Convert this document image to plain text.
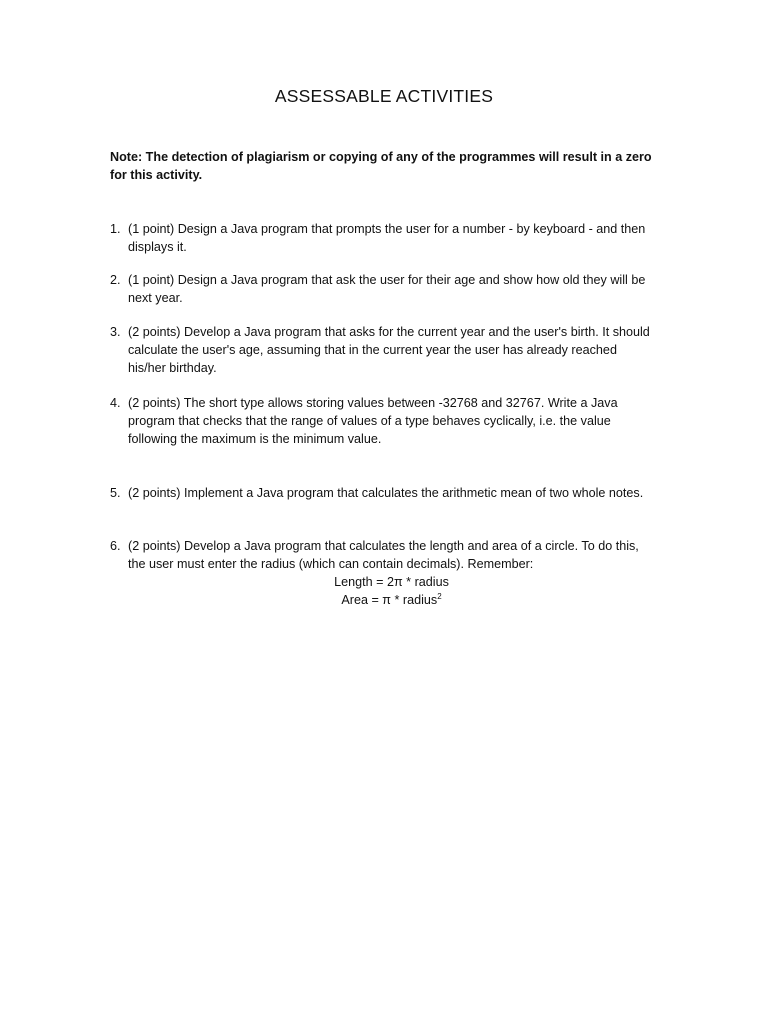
ASSESSABLE ACTIVITIES
Note: The detection of plagiarism or copying of any of the programmes will result in a zero for this activity.
1. (1 point) Design a Java program that prompts the user for a number - by keyboard - and then displays it.
2. (1 point) Design a Java program that ask the user for their age and show how old they will be next year.
3. (2 points) Develop a Java program that asks for the current year and the user's birth. It should calculate the user's age, assuming that in the current year the user has already reached his/her birthday.
4. (2 points) The short type allows storing values between -32768 and 32767. Write a Java program that checks that the range of values of a type behaves cyclically, i.e. the value following the maximum is the minimum value.
5. (2 points) Implement a Java program that calculates the arithmetic mean of two whole notes.
6. (2 points) Develop a Java program that calculates the length and area of a circle. To do this, the user must enter the radius (which can contain decimals). Remember:
Length = 2π * radius
Area = π * radius$^2$
